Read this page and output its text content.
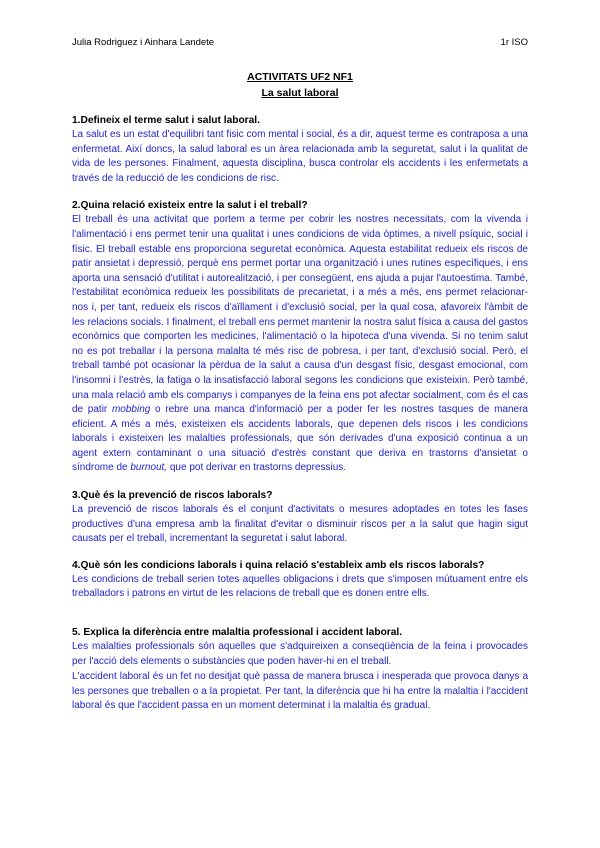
Julia Rodriguez i Ainhara Landete	1r ISO
ACTIVITATS UF2 NF1
La salut laboral

1.Defineix el terme salut i salut laboral.

La salut es un estat d'equilibri tant fisic com mental i social, és a dir, aquest terme es contraposa a una enfermetat. Així doncs, la salud laboral es un àrea relacionada amb la seguretat, salut i la qualitat de vida de les persones. Finalment, aquesta disciplina, busca controlar els accidents i les enfermetats a través de la reducció de les condicions de risc.

2.Quina relació existeix entre la salut i el treball?

El treball és una activitat que portem a terme per cobrir les nostres necessitats, com la vivenda i l'alimentació i ens permet tenir una qualitat i unes condicions de vida òptimes, a nivell psíquic, social i físic. El treball estable ens proporciona seguretat econòmica. Aquesta estabilitat redueix els riscos de patir ansietat i depressió, perquè ens permet portar una organització i unes rutines específiques, i ens aporta una sensació d'utilitat i autorealització, i per consegüent, ens ajuda a pujar l'autoestima. També, l'estabilitat econòmica redueix les possibilitats de precarietat, i a més a més, ens permet relacionar-nos i, per tant, redueix els riscos d'aïllament i d'exclusió social, per la qual cosa, afavoreix l'àmbit de les relacions socials. I finalment, el treball ens permet mantenir la nostra salut física a causa del gastos econòmics que comporten les medicines, l'alimentació o la hipoteca d'una vivenda. Si no tenim salut no es pot treballar i la persona malalta té més risc de pobresa, i per tant, d'exclusió social. Però, el treball també pot ocasionar la pèrdua de la salut a causa d'un desgast físic, desgast emocional, com l'insomni i l'estrès, la fatiga o la insatisfacció laboral segons les condicions que existeixin. Però també, una mala relació amb els companys i companyes de la feina ens pot afectar socialment, com és el cas de patir mobbing o rebre una manca d'informació per a poder fer les nostres tasques de manera eficient. A més a més, existeixen els accidents laborals, que depenen dels riscos i les condicions laborals i existeixen les malalties professionals, que són derivades d'una exposició continua a un agent extern contaminant o una situació d'estrès constant que deriva en trastorns d'ansietat o síndrome de burnout, que pot derivar en trastorns depressius.

3.Què és la prevenció de riscos laborals?

La prevenció de riscos laborals és el conjunt d'activitats o mesures adoptades en totes les fases productives d'una empresa amb la finalitat d'evitar o disminuir riscos per a la salut que hagin sigut causats per el treball, incrementant la seguretat i salut laboral.

4.Què són les condicions laborals i quina relació s'estableix amb els riscos laborals?

Les condicions de treball serien totes aquelles obligacions i drets que s'imposen mútuament entre els treballadors i patrons en virtut de les relacions de treball que es donen entre ells.

5. Explica la diferència entre malaltia professional i accident laboral.

Les malalties professionals són aquelles que s'adquireixen a conseqüència de la feina i provocades per l'acció dels elements o substàncies que poden haver-hi en el treball.

L'accident laboral és un fet no desitjat què passa de manera brusca i inesperada que provoca danys a les persones que treballen o a la propietat. Per tant, la diferència que hi ha entre la malaltia i l'accident laboral és que l'accident passa en un moment determinat i la malaltia és gradual.
